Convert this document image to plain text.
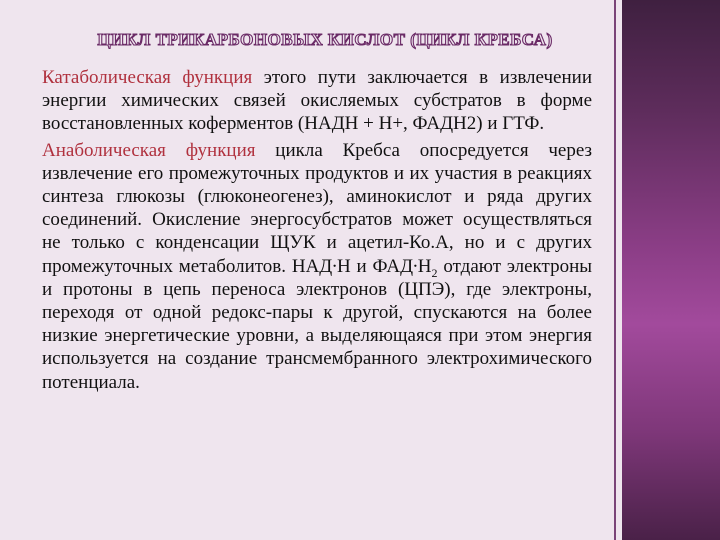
ЦИКЛ ТРИКАРБОНОВЫХ КИСЛОТ (ЦИКЛ КРЕБСА)

Катаболическая функция этого пути заключается в извлечении энергии химических связей окисляемых субстратов в форме восстановленных коферментов (НАДН + Н+, ФАДН2) и ГТФ.

Анаболическая функция цикла Кребса опосредуется через извлечение его промежуточных продуктов и их участия в реакциях синтеза глюкозы (глюконеогенез), аминокислот и ряда других соединений. Окисление энергосубстратов может осуществляться не только с конденсации ЩУК и ацетил-Ко.А, но и с других промежуточных метаболитов. НАД∙Н и $ФАД\cdot Н_2$ отдают электроны и протоны в цепь переноса электронов (ЦПЭ), где электроны, переходя от одной редокс-пары к другой, спускаются на более низкие энергетические уровни, а выделяющаяся при этом энергия используется на создание трансмембранного электрохимического потенциала.
